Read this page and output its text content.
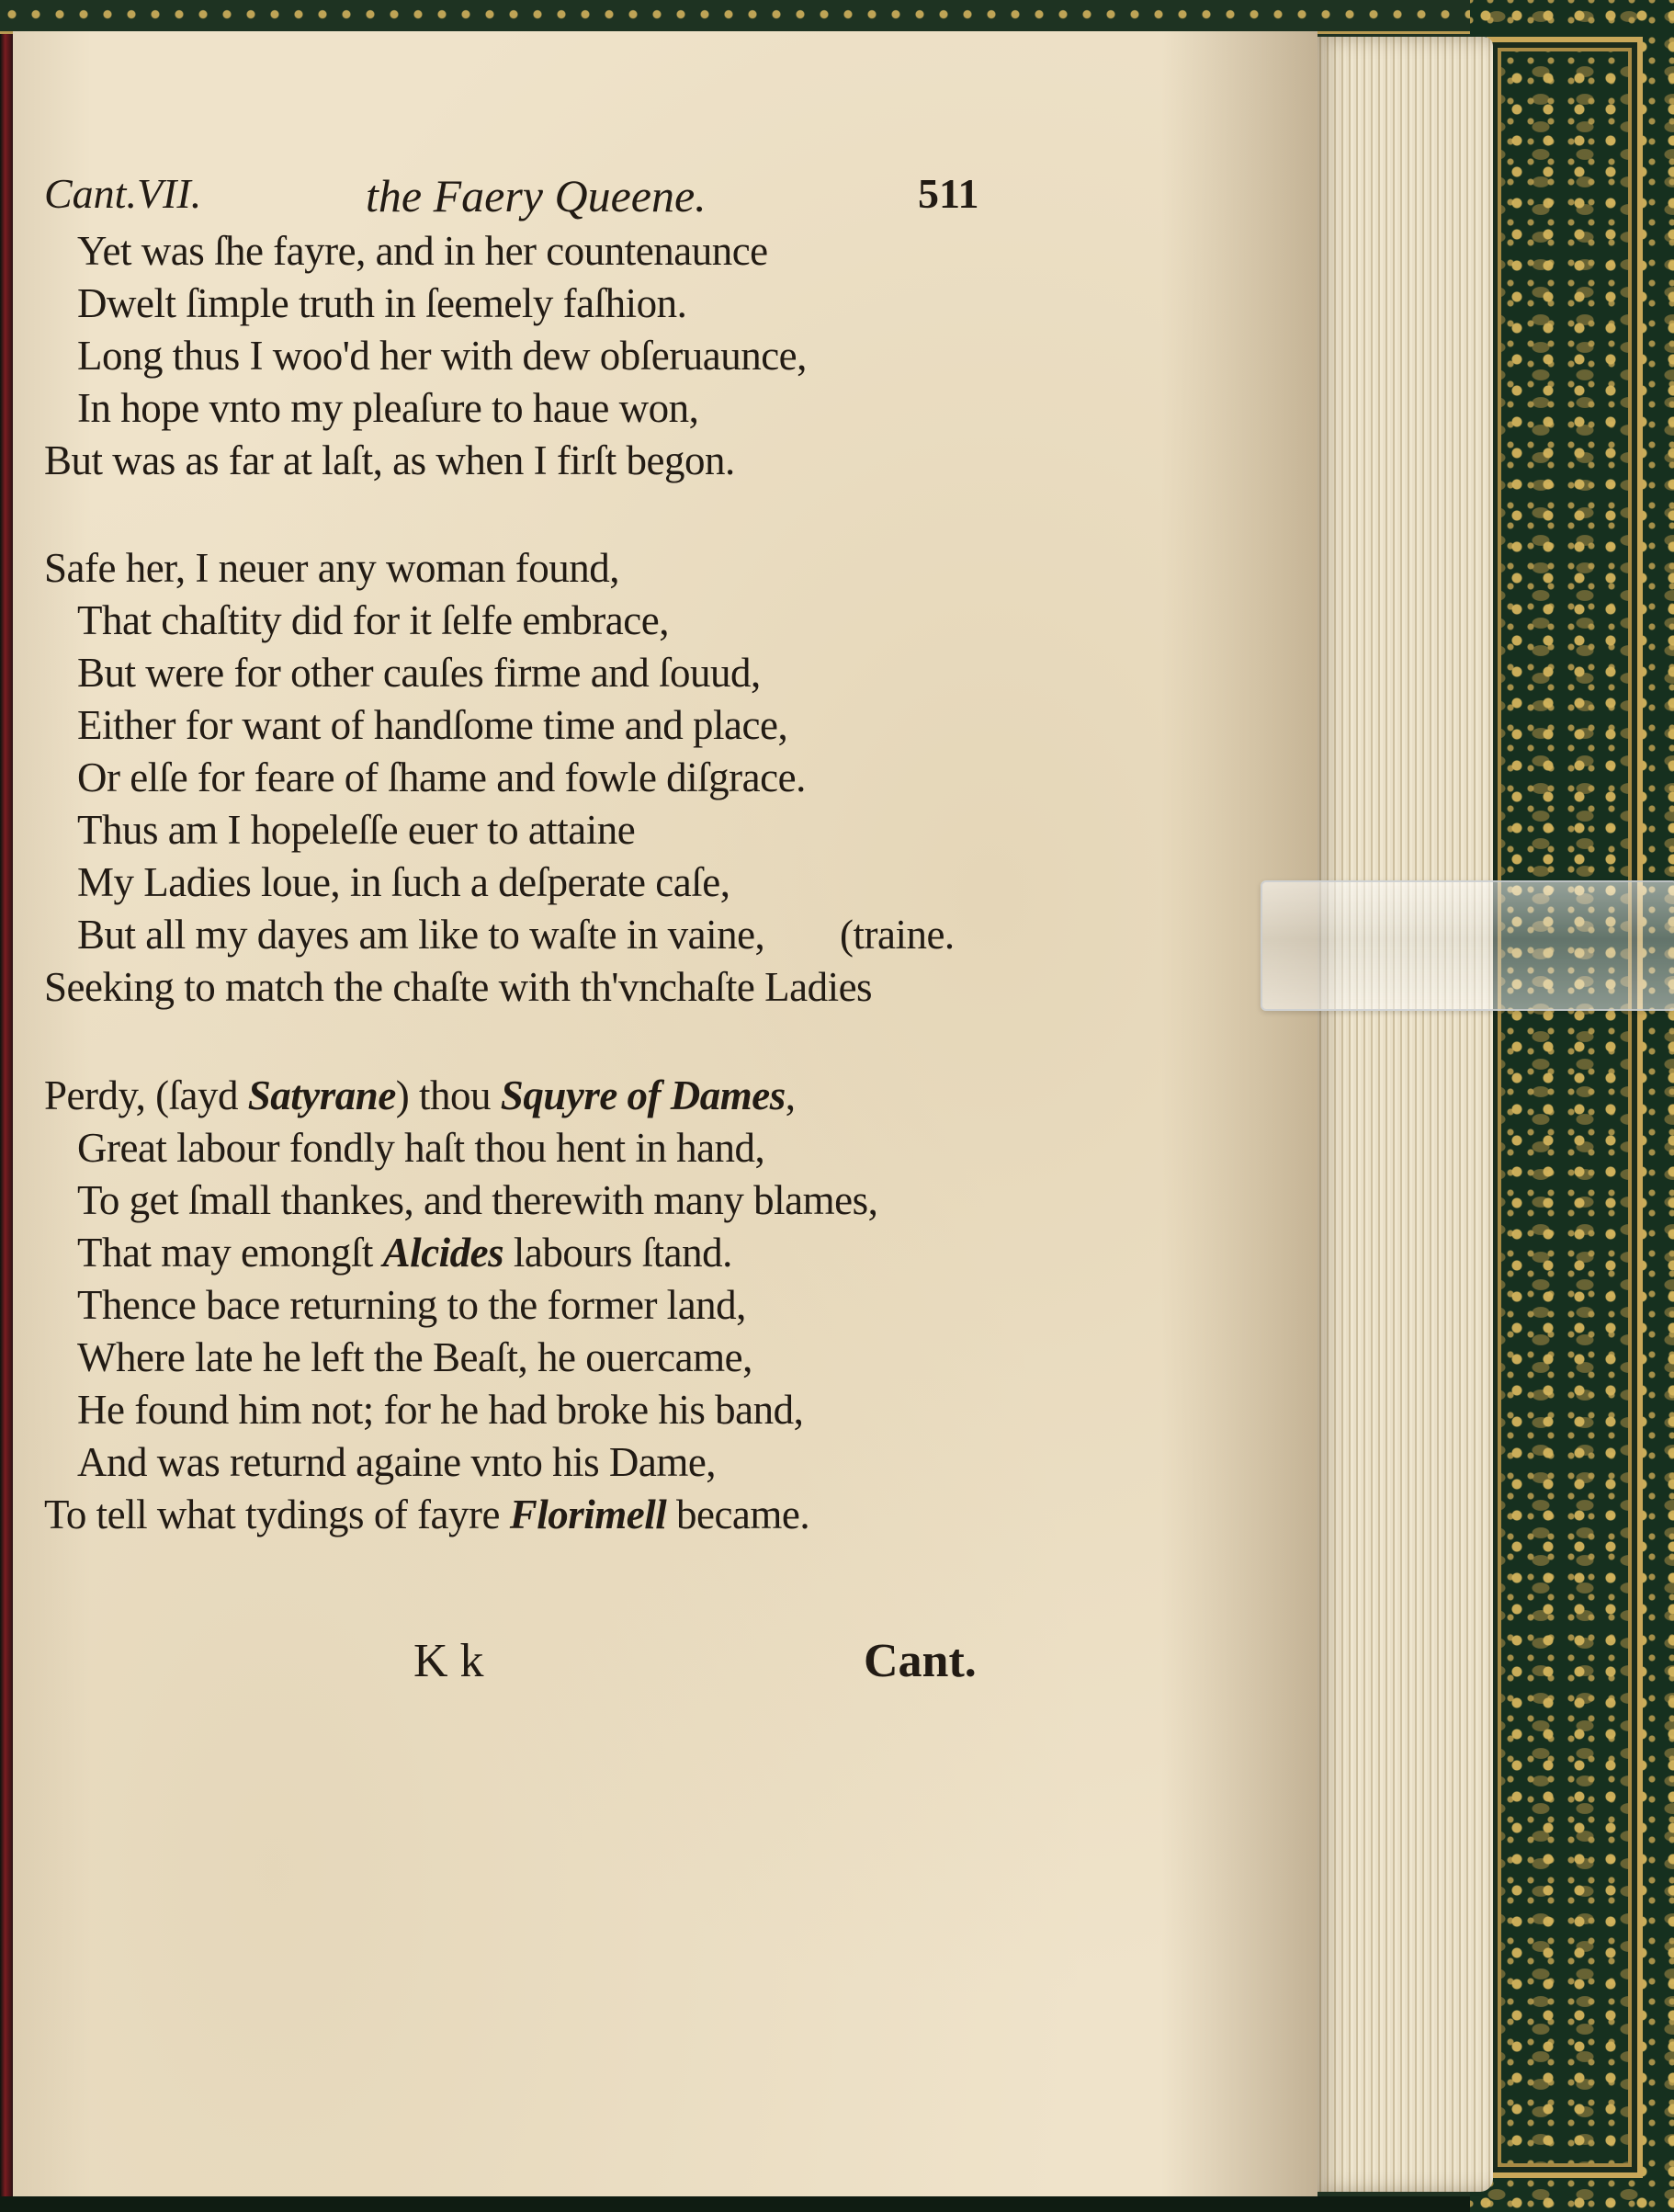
Cant.VII.	the Faery Queene.	511
Yet was ſhe fayre, and in her countenaunce
Dwelt ſimple truth in ſeemely faſhion.
Long thus I woo'd her with dew obſeruaunce,
In hope vnto my pleaſure to haue won,
But was as far at laſt, as when I firſt begon.
Safe her, I neuer any woman found,
That chaſtity did for it ſelfe embrace,
But were for other cauſes firme and ſouud,
Either for want of handſome time and place,
Or elſe for feare of ſhame and fowle diſgrace.
Thus am I hopeleſſe euer to attaine
My Ladies loue, in ſuch a deſperate caſe,
But all my dayes am like to waſte in vaine, (traine.
Seeking to match the chaſte with th'vnchaſte Ladies
Perdy, (ſayd Satyrane) thou Squyre of Dames,
Great labour fondly haſt thou hent in hand,
To get ſmall thankes, and therewith many blames,
That may emongſt Alcides labours ſtand.
Thence bace returning to the former land,
Where late he left the Beaſt, he ouercame,
He found him not; for he had broke his band,
And was returnd againe vnto his Dame,
To tell what tydings of fayre Florimell became.
K k	Cant.
